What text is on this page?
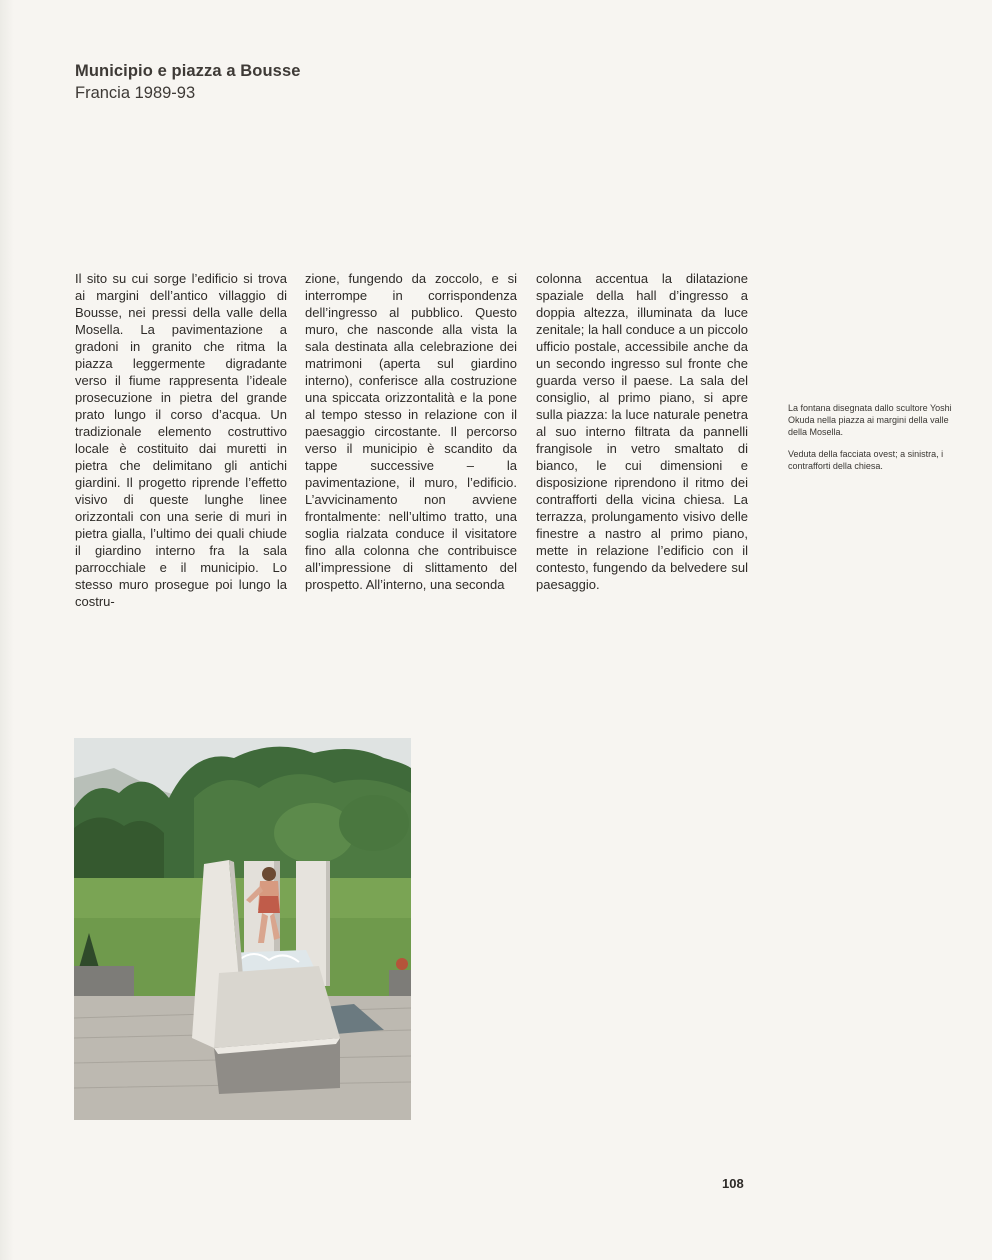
Municipio e piazza a Bousse
Francia 1989-93
Il sito su cui sorge l’edificio si trova ai margini dell’antico villaggio di Bousse, nei pressi della valle della Mosella. La pavimentazione a gradoni in granito che ritma la piazza leggermente digradante verso il fiume rappresenta l’ideale prosecuzione in pietra del grande prato lungo il corso d’acqua. Un tradizionale elemento costruttivo locale è costituito dai muretti in pietra che delimitano gli antichi giardini. Il progetto riprende l’effetto visivo di queste lunghe linee orizzontali con una serie di muri in pietra gialla, l’ultimo dei quali chiude il giardino interno fra la sala parrocchiale e il municipio. Lo stesso muro prosegue poi lungo la costru-
zione, fungendo da zoccolo, e si interrompe in corrispondenza dell’ingresso al pubblico. Questo muro, che nasconde alla vista la sala destinata alla celebrazione dei matrimoni (aperta sul giardino interno), conferisce alla costruzione una spiccata orizzontalità e la pone al tempo stesso in relazione con il paesaggio circostante. Il percorso verso il municipio è scandito da tappe successive – la pavimentazione, il muro, l’edificio. L’avvicinamento non avviene frontalmente: nell’ultimo tratto, una soglia rialzata conduce il visitatore fino alla colonna che contribuisce all’impressione di slittamento del prospetto. All’interno, una seconda
colonna accentua la dilatazione spaziale della hall d’ingresso a doppia altezza, illuminata da luce zenitale; la hall conduce a un piccolo ufficio postale, accessibile anche da un secondo ingresso sul fronte che guarda verso il paese. La sala del consiglio, al primo piano, si apre sulla piazza: la luce naturale penetra al suo interno filtrata da pannelli frangisole in vetro smaltato di bianco, le cui dimensioni e disposizione riprendono il ritmo dei contrafforti della vicina chiesa. La terrazza, prolungamento visivo delle finestre a nastro al primo piano, mette in relazione l’edificio con il contesto, fungendo da belvedere sul paesaggio.

La fontana disegnata dallo scultore Yoshi Okuda nella piazza ai margini della valle della Mosella.

Veduta della facciata ovest; a sinistra, i contrafforti della chiesa.

108
